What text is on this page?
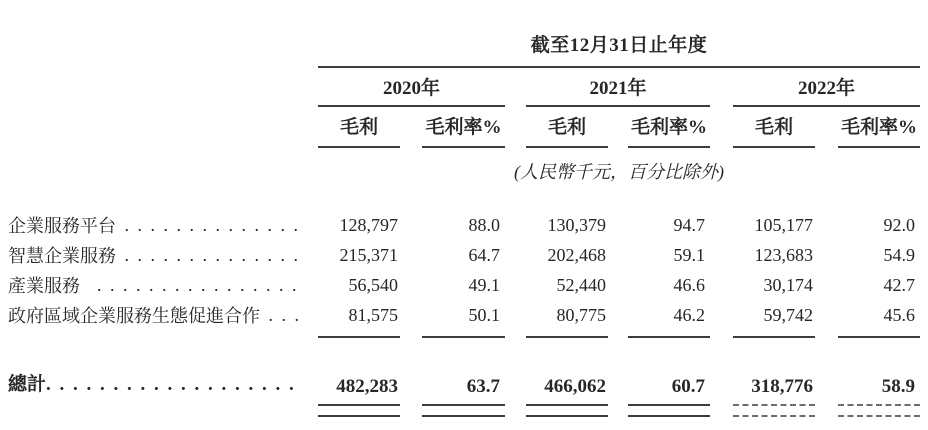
截至12月31日止年度
2020年	2021年	2022年
毛利	毛利率%	毛利	毛利率%	毛利	毛利率%
(人民幣千元，百分比除外)
企業服務平台 . . . . . . . . . . . . . .	128,797	88.0	130,379	94.7	105,177	92.0
智慧企業服務 . . . . . . . . . . . . . .	215,371	64.7	202,468	59.1	123,683	54.9
產業服務 . . . . . . . . . . . . . . . .	56,540	49.1	52,440	46.6	30,174	42.7
政府區域企業服務生態促進合作 . . .	81,575	50.1	80,775	46.2	59,742	45.6
總計 . . . . . . . . . . . . . . . . . . .	482,283	63.7	466,062	60.7	318,776	58.9
